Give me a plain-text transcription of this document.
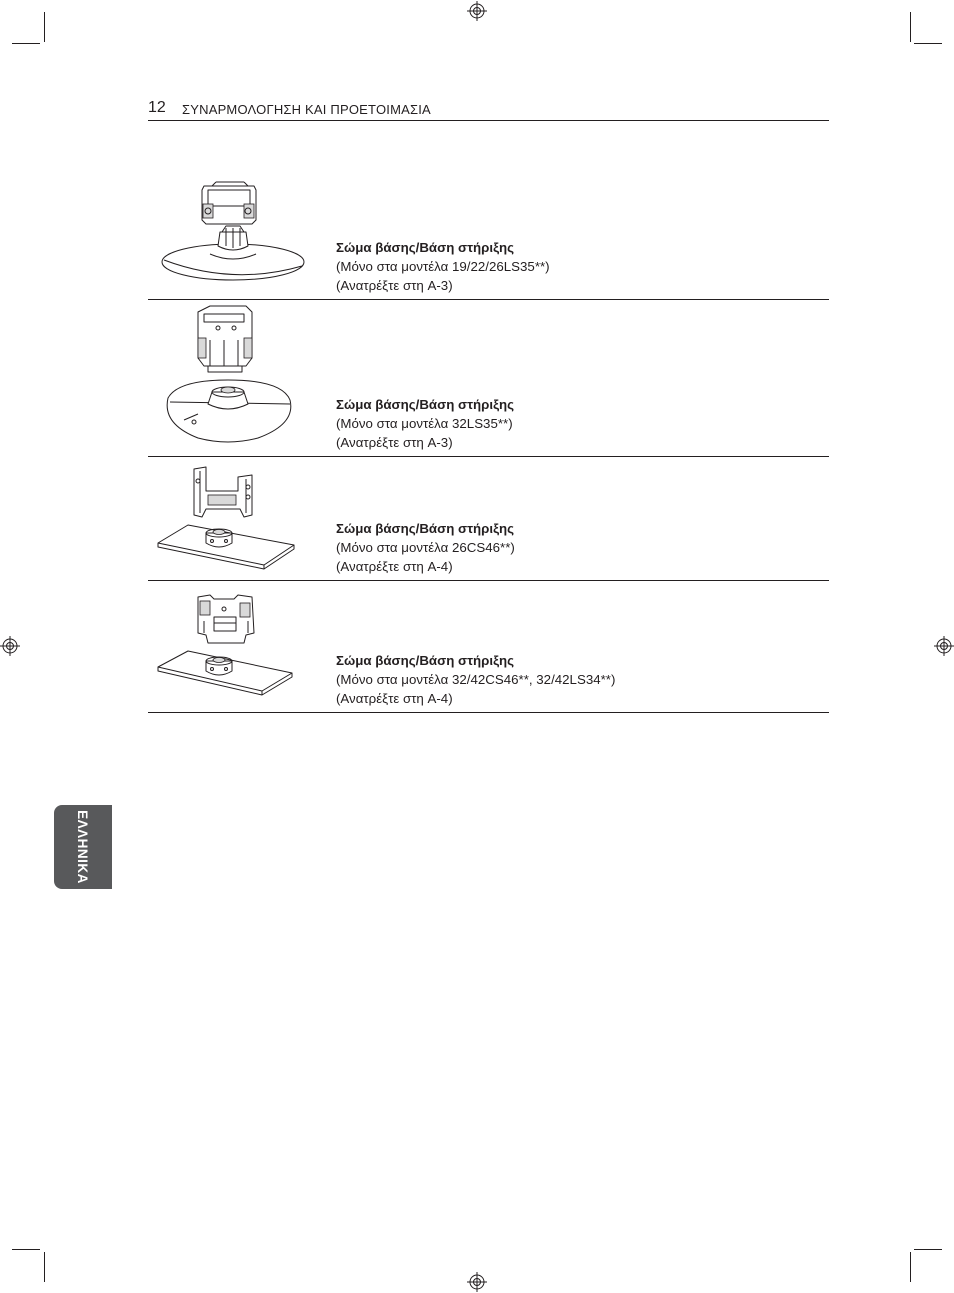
12 ΣΥΝΑΡΜΟΛΟΓΗΣΗ ΚΑΙ ΠΡΟΕΤΟΙΜΑΣΙΑ
Σώμα βάσης/Βάση στήριξης
(Μόνο στα μοντέλα 19/22/26LS35**)
(Ανατρέξτε στη A-3)
Σώμα βάσης/Βάση στήριξης
(Μόνο στα μοντέλα 32LS35**)
(Ανατρέξτε στη A-3)
Σώμα βάσης/Βάση στήριξης
(Μόνο στα μοντέλα 26CS46**)
(Ανατρέξτε στη A-4)
Σώμα βάσης/Βάση στήριξης
(Μόνο στα μοντέλα 32/42CS46**, 32/42LS34**)
(Ανατρέξτε στη A-4)
ΕΛΛΗΝΙΚΑ
